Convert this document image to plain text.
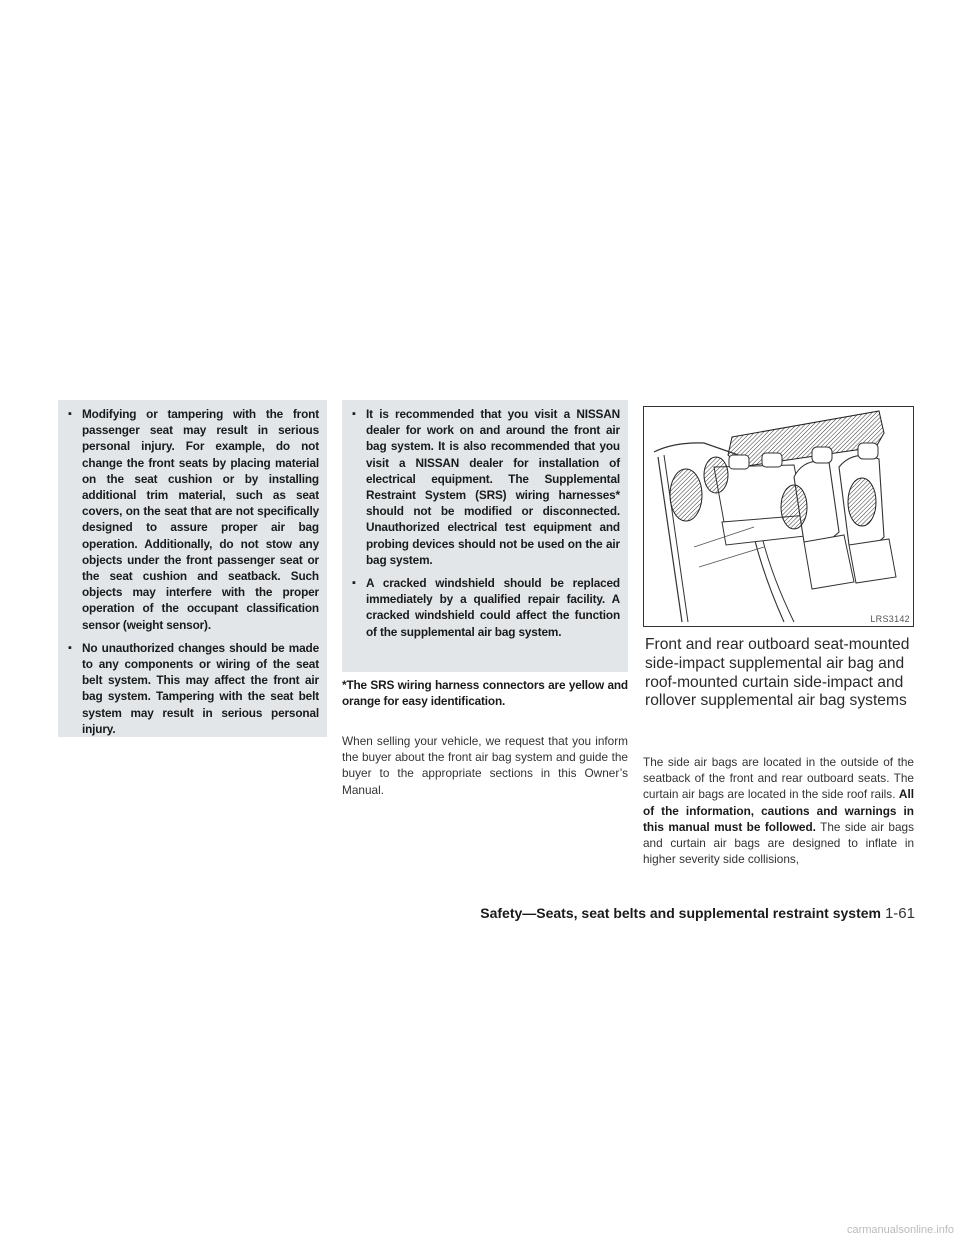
▪ Modifying or tampering with the front passenger seat may result in serious personal injury. For example, do not change the front seats by placing material on the seat cushion or by installing additional trim material, such as seat covers, on the seat that are not specifically designed to assure proper air bag operation. Additionally, do not stow any objects under the front passenger seat or the seat cushion and seatback. Such objects may interfere with the proper operation of the occupant classification sensor (weight sensor).
▪ No unauthorized changes should be made to any components or wiring of the seat belt system. This may affect the front air bag system. Tampering with the seat belt system may result in serious personal injury.
▪ It is recommended that you visit a NISSAN dealer for work on and around the front air bag system. It is also recommended that you visit a NISSAN dealer for installation of electrical equipment. The Supplemental Restraint System (SRS) wiring harnesses* should not be modified or disconnected. Unauthorized electrical test equipment and probing devices should not be used on the air bag system.
▪ A cracked windshield should be replaced immediately by a qualified repair facility. A cracked windshield could affect the function of the supplemental air bag system.

*The SRS wiring harness connectors are yellow and orange for easy identification.

When selling your vehicle, we request that you inform the buyer about the front air bag system and guide the buyer to the appropriate sections in this Owner’s Manual.

LRS3142
Front and rear outboard seat-mounted side-impact supplemental air bag and roof-mounted curtain side-impact and rollover supplemental air bag systems

The side air bags are located in the outside of the seatback of the front and rear outboard seats. The curtain air bags are located in the side roof rails. All of the information, cautions and warnings in this manual must be followed. The side air bags and curtain air bags are designed to inflate in higher severity side collisions,

Safety—Seats, seat belts and supplemental restraint system 1-61
carmanualsonline.info
